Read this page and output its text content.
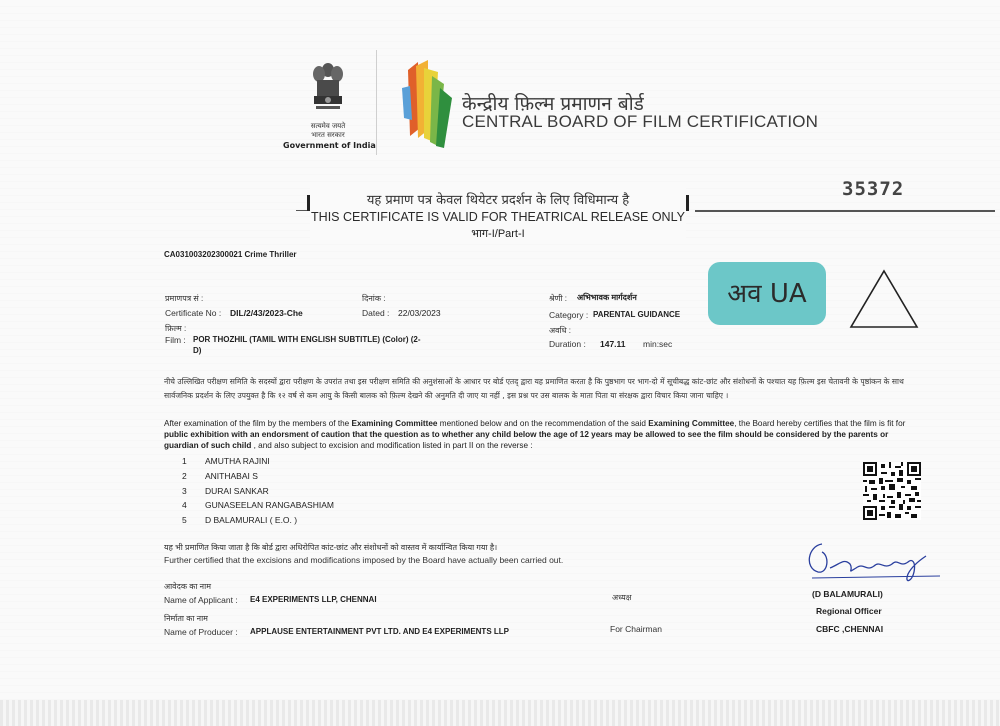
सत्यमेव जयते
भारत सरकार
Government of India
केन्द्रीय फ़िल्म प्रमाणन बोर्ड
CENTRAL BOARD OF FILM CERTIFICATION
35372
यह प्रमाण पत्र केवल थियेटर प्रदर्शन के लिए विधिमान्य है
THIS CERTIFICATE IS VALID FOR THEATRICAL RELEASE ONLY
भाग-I/Part-I
CA031003202300021 Crime Thriller
प्रमाणपत्र सं :
Certificate No : DIL/2/43/2023-Che
दिनांक :
Dated : 22/03/2023
श्रेणी : अभिभावक मार्गदर्शन
Category : PARENTAL GUIDANCE
फ़िल्म :
Film : POR THOZHIL (TAMIL WITH ENGLISH SUBTITLE) (Color) (2-
D)
अवधि :
Duration : 147.11 min:sec
अव UA
नीचे उल्लिखित परीक्षण समिति के सदस्यों द्वारा परीक्षण के उपरांत तथा इस परीक्षण समिति की अनुशंसाओं के आधार पर बोर्ड एतद् द्वारा यह प्रमाणित करता है कि पुष्ठभाग पर भाग-दो में सूचीबद्ध कांट-छांट और संशोधनों के पश्चात यह फ़िल्म इस चेतावनी के पृष्ठांकन के साथ सार्वजनिक प्रदर्शन के लिए उपयुक्त है कि १२ वर्ष से कम आयु के किसी बालक को फ़िल्म देखने की अनुमति दी जाए या नहीं , इस प्रश्न पर उस बालक के माता पिता या संरक्षक द्वारा विचार किया जाना चाहिए ।
After examination of the film by the members of the Examining Committee mentioned below and on the recommendation of the said Examining Committee, the Board hereby certifies that the film is fit for public exhibition with an endorsment of caution that the question as to whether any child below the age of 12 years may be allowed to see the film should be considered by the parents or guardian of such child , and also subject to excision and modification listed in part II on the reverse :
1 AMUTHA RAJINI
2 ANITHABAI S
3 DURAI SANKAR
4 GUNASEELAN RANGABASHIAM
5 D BALAMURALI ( E.O. )
यह भी प्रमाणित किया जाता है कि बोर्ड द्वारा अधिरोपित कांट-छांट और संशोधनों को वास्तव में कार्यान्वित किया गया है।
Further certified that the excisions and modifications imposed by the Board have actually been carried out.
आवेदक का नाम
Name of Applicant : E4 EXPERIMENTS LLP, CHENNAI
निर्माता का नाम
Name of Producer : APPLAUSE ENTERTAINMENT PVT LTD. AND E4 EXPERIMENTS LLP
अध्यक्ष
For Chairman
(D BALAMURALI)
Regional Officer
CBFC ,CHENNAI
